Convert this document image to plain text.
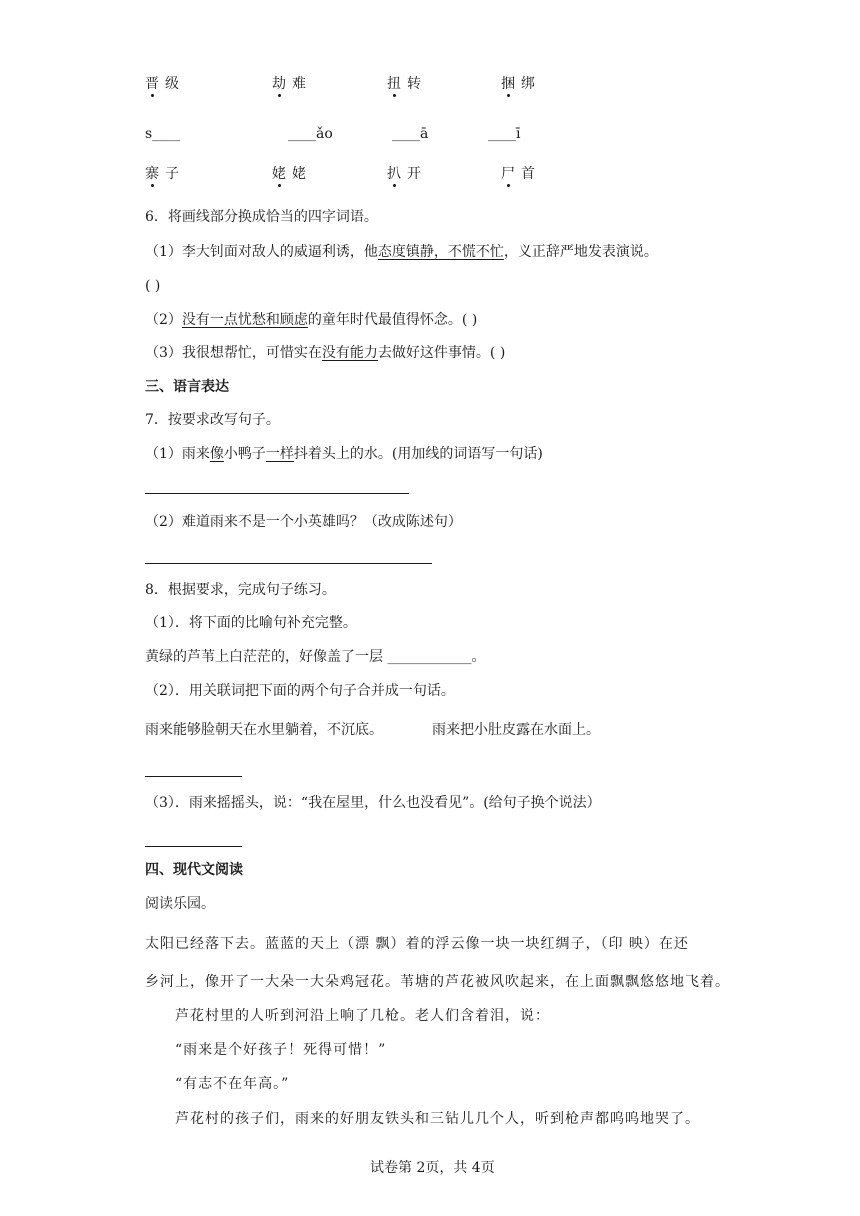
晋 级	劫 难	扭 转	捆 绑
s____	____ǎo	____ā	____ī
寨 子	姥 姥	扒 开	尸 首
6．将画线部分换成恰当的四字词语。
（1）李大钊面对敌人的威逼利诱，他态度镇静，不慌不忙，义正辞严地发表演说。
( )
（2）没有一点忧愁和顾虑的童年时代最值得怀念。( )
（3）我很想帮忙，可惜实在没有能力去做好这件事情。( )
三、语言表达
7．按要求改写句子。
（1）雨来像小鸭子一样抖着头上的水。(用加线的词语写一句话)
（2）难道雨来不是一个小英雄吗？（改成陈述句）
8．根据要求，完成句子练习。
（1）．将下面的比喻句补充完整。
黄绿的芦苇上白茫茫的，好像盖了一层 ____________。
（2）．用关联词把下面的两个句子合并成一句话。
雨来能够脸朝天在水里躺着，不沉底。	雨来把小肚皮露在水面上。
（3）．雨来摇摇头，说：“我在屋里，什么也没看见”。(给句子换个说法）
四、现代文阅读
阅读乐园。
太阳已经落下去。蓝蓝的天上（漂 飘）着的浮云像一块一块红绸子，（印 映）在还
乡河上，像开了一大朵一大朵鸡冠花。苇塘的芦花被风吹起来，在上面飘飘悠悠地飞着。
芦花村里的人听到河沿上响了几枪。老人们含着泪，说：
“雨来是个好孩子！死得可惜！”
“有志不在年高。”
芦花村的孩子们，雨来的好朋友铁头和三钻儿几个人，听到枪声都呜呜地哭了。
试卷第 2页，共 4页
